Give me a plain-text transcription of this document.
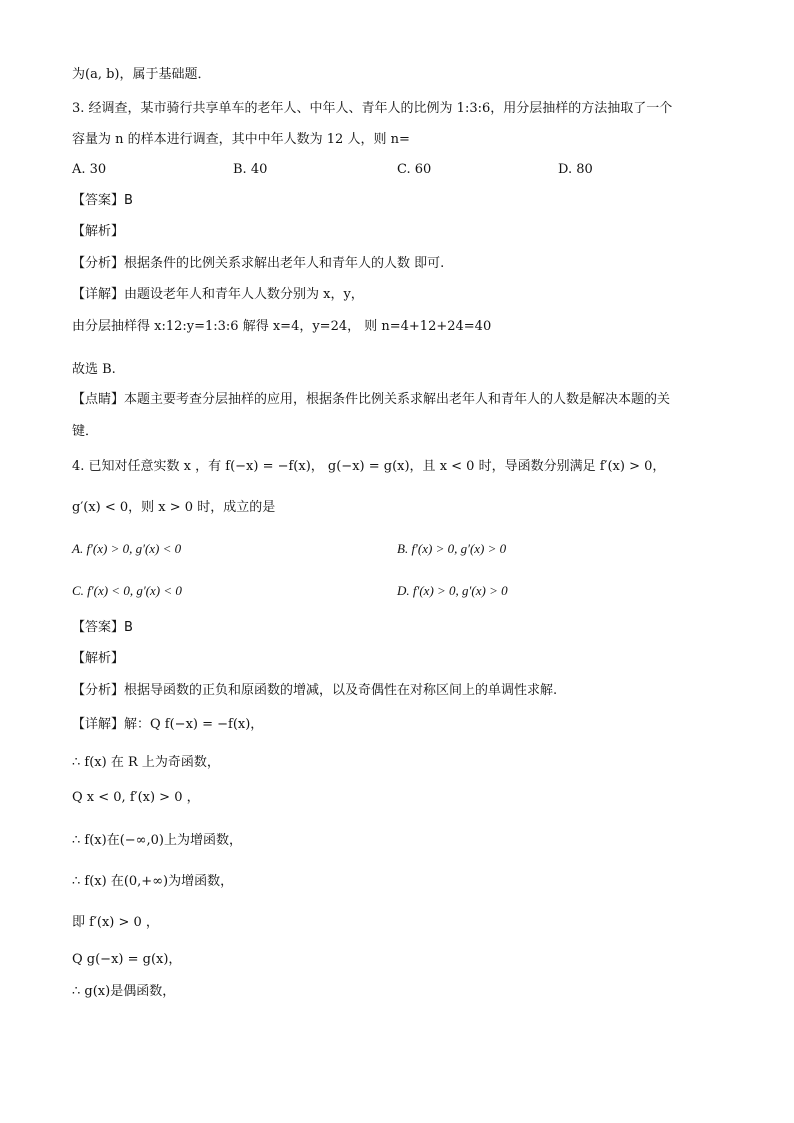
为(a, b)，属于基础题．
3. 经调查，某市骑行共享单车的老年人、中年人、青年人的比例为 1:3:6，用分层抽样的方法抽取了一个
容量为 n 的样本进行调查，其中中年人数为 12 人，则 n=
A. 30	B. 40	C. 60	D. 80
【答案】B
【解析】
【分析】根据条件的比例关系求解出老年人和青年人的人数 即可.
【详解】由题设老年人和青年人人数分别为 x，y，
由分层抽样得 x:12:y=1:3:6 解得 x=4，y=24， 则 n=4+12+24=40
故选 B.
【点睛】本题主要考查分层抽样的应用，根据条件比例关系求解出老年人和青年人的人数是解决本题的关
键．
4. 已知对任意实数 x ，有 f(−x) = −f(x)， g(−x) = g(x)，且 x < 0 时，导函数分别满足 f′(x) > 0，
g′(x) < 0，则 x > 0 时，成立的是
A. f′(x) > 0, g′(x) < 0	B. f′(x) > 0, g′(x) > 0
C. f′(x) < 0, g′(x) < 0	D. f′(x) > 0, g′(x) > 0
【答案】B
【解析】
【分析】根据导函数的正负和原函数的增减，以及奇偶性在对称区间上的单调性求解.
【详解】解：Q f(−x) = −f(x)，
∴ f(x) 在 R 上为奇函数，
Q x < 0, f′(x) > 0 ，
∴ f(x)在(−∞,0)上为增函数，
∴ f(x) 在(0,+∞)为增函数，
即 f′(x) > 0 ，
Q g(−x) = g(x)，
∴ g(x)是偶函数，
